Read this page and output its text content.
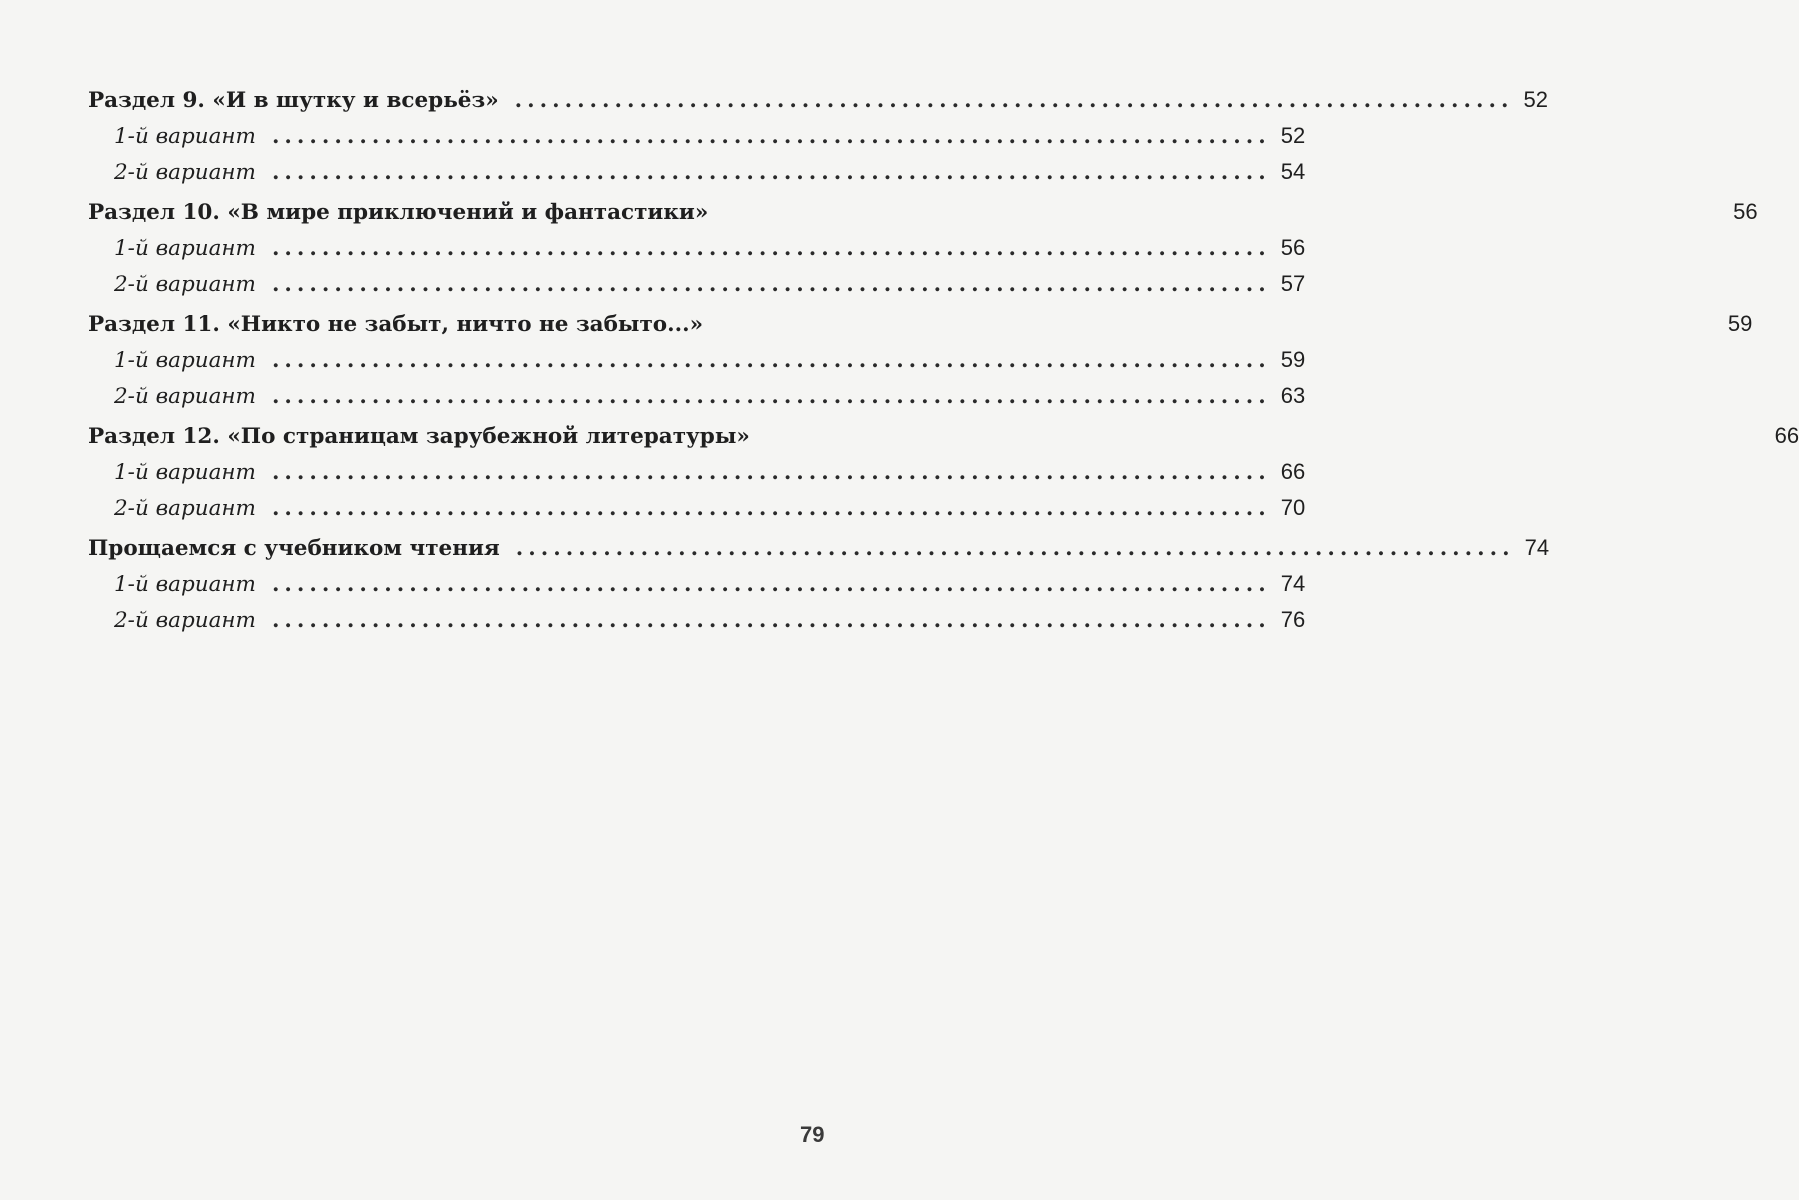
Раздел 9. «И в шутку и всерьёз» ................................................................................ 52
1-й вариант ................................................................................ 52
2-й вариант ................................................................................ 54
Раздел 10. «В мире приключений и фантастики»	56
1-й вариант ................................................................................ 56
2-й вариант ................................................................................ 57
Раздел 11. «Никто не забыт, ничто не забыто...»	59
1-й вариант ................................................................................ 59
2-й вариант ................................................................................ 63
Раздел 12. «По страницам зарубежной литературы»	66
1-й вариант ................................................................................ 66
2-й вариант ................................................................................ 70
Прощаемся с учебником чтения ................................................................................ 74
1-й вариант ................................................................................ 74
2-й вариант ................................................................................ 76
79
